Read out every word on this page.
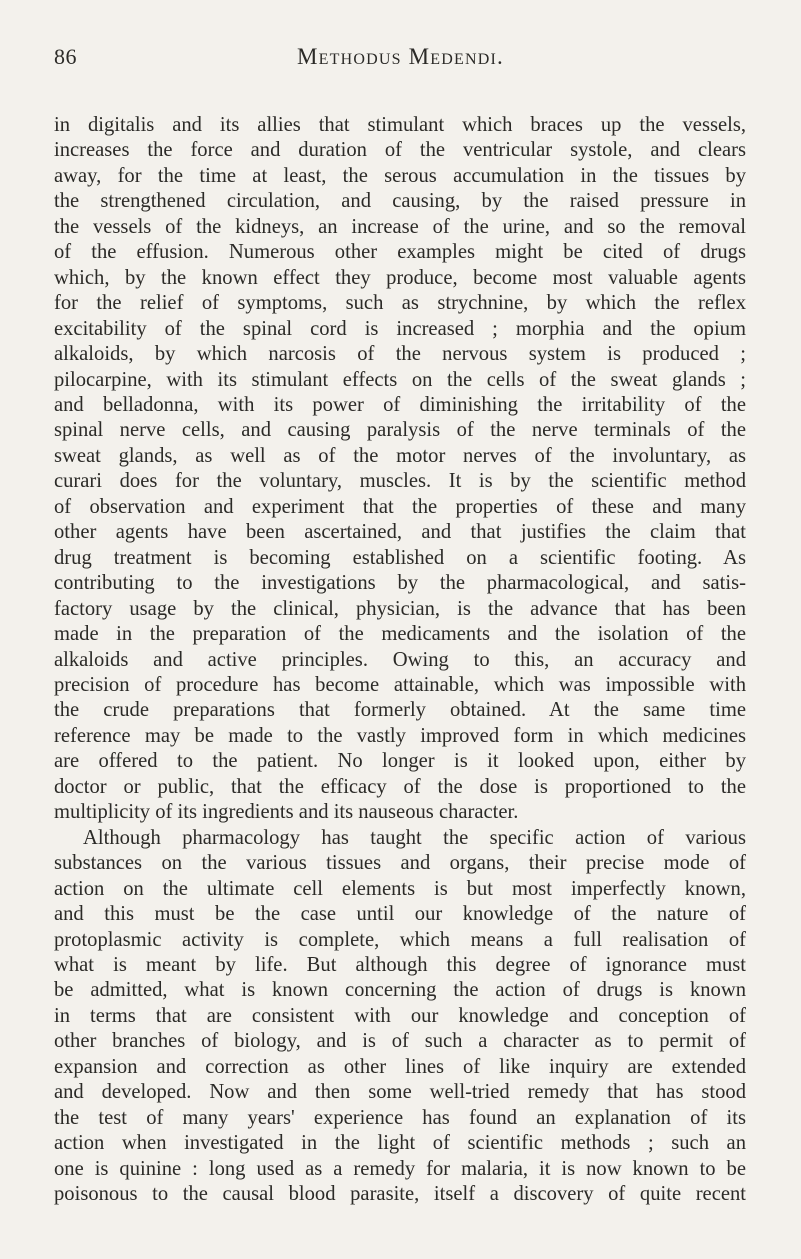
86	Methodus Medendi.
in digitalis and its allies that stimulant which braces up the vessels,
increases the force and duration of the ventricular systole, and clears
away, for the time at least, the serous accumulation in the tissues by
the strengthened circulation, and causing, by the raised pressure in
the vessels of the kidneys, an increase of the urine, and so the removal
of the effusion. Numerous other examples might be cited of drugs
which, by the known effect they produce, become most valuable agents
for the relief of symptoms, such as strychnine, by which the reflex
excitability of the spinal cord is increased ; morphia and the opium
alkaloids, by which narcosis of the nervous system is produced ;
pilocarpine, with its stimulant effects on the cells of the sweat glands ;
and belladonna, with its power of diminishing the irritability of the
spinal nerve cells, and causing paralysis of the nerve terminals of the
sweat glands, as well as of the motor nerves of the involuntary, as
curari does for the voluntary, muscles. It is by the scientific method
of observation and experiment that the properties of these and many
other agents have been ascertained, and that justifies the claim that
drug treatment is becoming established on a scientific footing. As
contributing to the investigations by the pharmacological, and satis-
factory usage by the clinical, physician, is the advance that has been
made in the preparation of the medicaments and the isolation of the
alkaloids and active principles. Owing to this, an accuracy and
precision of procedure has become attainable, which was impossible with
the crude preparations that formerly obtained. At the same time
reference may be made to the vastly improved form in which medicines
are offered to the patient. No longer is it looked upon, either by
doctor or public, that the efficacy of the dose is proportioned to the
multiplicity of its ingredients and its nauseous character.
Although pharmacology has taught the specific action of various
substances on the various tissues and organs, their precise mode of
action on the ultimate cell elements is but most imperfectly known,
and this must be the case until our knowledge of the nature of
protoplasmic activity is complete, which means a full realisation of
what is meant by life. But although this degree of ignorance must
be admitted, what is known concerning the action of drugs is known
in terms that are consistent with our knowledge and conception of
other branches of biology, and is of such a character as to permit of
expansion and correction as other lines of like inquiry are extended
and developed. Now and then some well-tried remedy that has stood
the test of many years' experience has found an explanation of its
action when investigated in the light of scientific methods ; such an
one is quinine : long used as a remedy for malaria, it is now known to be
poisonous to the causal blood parasite, itself a discovery of quite recent
